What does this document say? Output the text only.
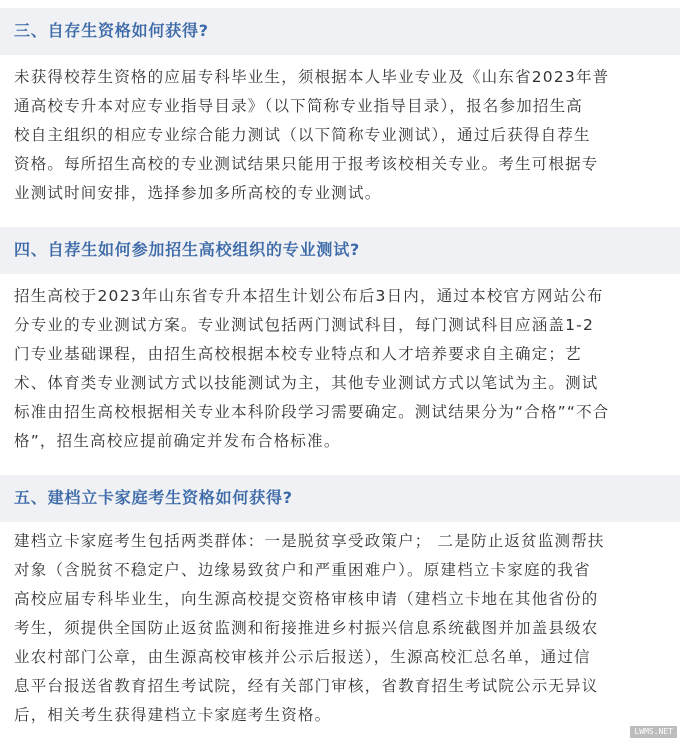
三、自存生资格如何获得?
未获得校荐生资格的应届专科毕业生，须根据本人毕业专业及《山东省2023年普
通高校专升本对应专业指导目录》（以下简称专业指导目录），报名参加招生高
校自主组织的相应专业综合能力测试（以下简称专业测试），通过后获得自荐生
资格。每所招生高校的专业测试结果只能用于报考该校相关专业。考生可根据专
业测试时间安排，选择参加多所高校的专业测试。
四、自荐生如何参加招生高校组织的专业测试?
招生高校于2023年山东省专升本招生计划公布后3日内，通过本校官方网站公布
分专业的专业测试方案。专业测试包括两门测试科目，每门测试科目应涵盖1-2
门专业基础课程，由招生高校根据本校专业特点和人才培养要求自主确定；艺
术、体育类专业测试方式以技能测试为主，其他专业测试方式以笔试为主。测试
标准由招生高校根据相关专业本科阶段学习需要确定。测试结果分为“合格”“不合
格”，招生高校应提前确定并发布合格标准。
五、建档立卡家庭考生资格如何获得?
建档立卡家庭考生包括两类群体：一是脱贫享受政策户； 二是防止返贫监测帮扶
对象（含脱贫不稳定户、边缘易致贫户和严重困难户）。原建档立卡家庭的我省
高校应届专科毕业生，向生源高校提交资格审核申请（建档立卡地在其他省份的
考生，须提供全国防止返贫监测和衔接推进乡村振兴信息系统截图并加盖县级农
业农村部门公章，由生源高校审核并公示后报送），生源高校汇总名单，通过信
息平台报送省教育招生考试院，经有关部门审核，省教育招生考试院公示无异议
后，相关考生获得建档立卡家庭考生资格。
LWMS.NET
